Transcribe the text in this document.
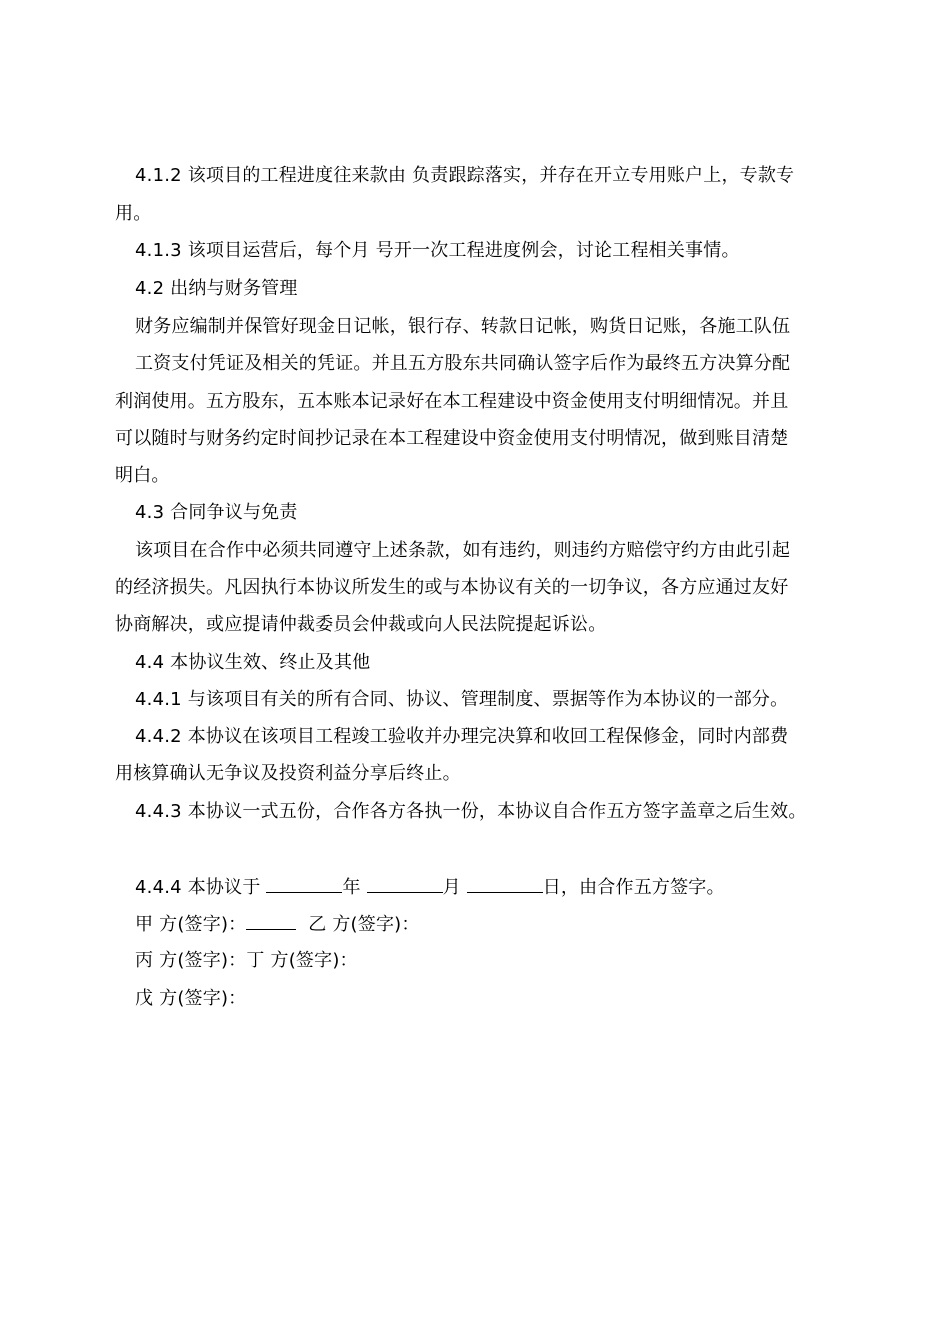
4.1.2 该项目的工程进度往来款由 负责跟踪落实，并存在开立专用账户上，专款专
用。
4.1.3 该项目运营后，每个月 号开一次工程进度例会，讨论工程相关事情。
4.2 出纳与财务管理
财务应编制并保管好现金日记帐，银行存、转款日记帐，购货日记账，各施工队伍
工资支付凭证及相关的凭证。并且五方股东共同确认签字后作为最终五方决算分配
利润使用。五方股东，五本账本记录好在本工程建设中资金使用支付明细情况。并且
可以随时与财务约定时间抄记录在本工程建设中资金使用支付明情况，做到账目清楚
明白。
4.3 合同争议与免责
该项目在合作中必须共同遵守上述条款，如有违约，则违约方赔偿守约方由此引起
的经济损失。凡因执行本协议所发生的或与本协议有关的一切争议，各方应通过友好
协商解决，或应提请仲裁委员会仲裁或向人民法院提起诉讼。
4.4 本协议生效、终止及其他
4.4.1 与该项目有关的所有合同、协议、管理制度、票据等作为本协议的一部分。
4.4.2 本协议在该项目工程竣工验收并办理完决算和收回工程保修金，同时内部费
用核算确认无争议及投资利益分享后终止。
4.4.3 本协议一式五份，合作各方各执一份，本协议自合作五方签字盖章之后生效。
4.4.4 本协议于	年	月	日，由合作五方签字。
甲 方(签字)：	乙 方(签字)：
丙 方(签字)：丁 方(签字)：
戊 方(签字)：
